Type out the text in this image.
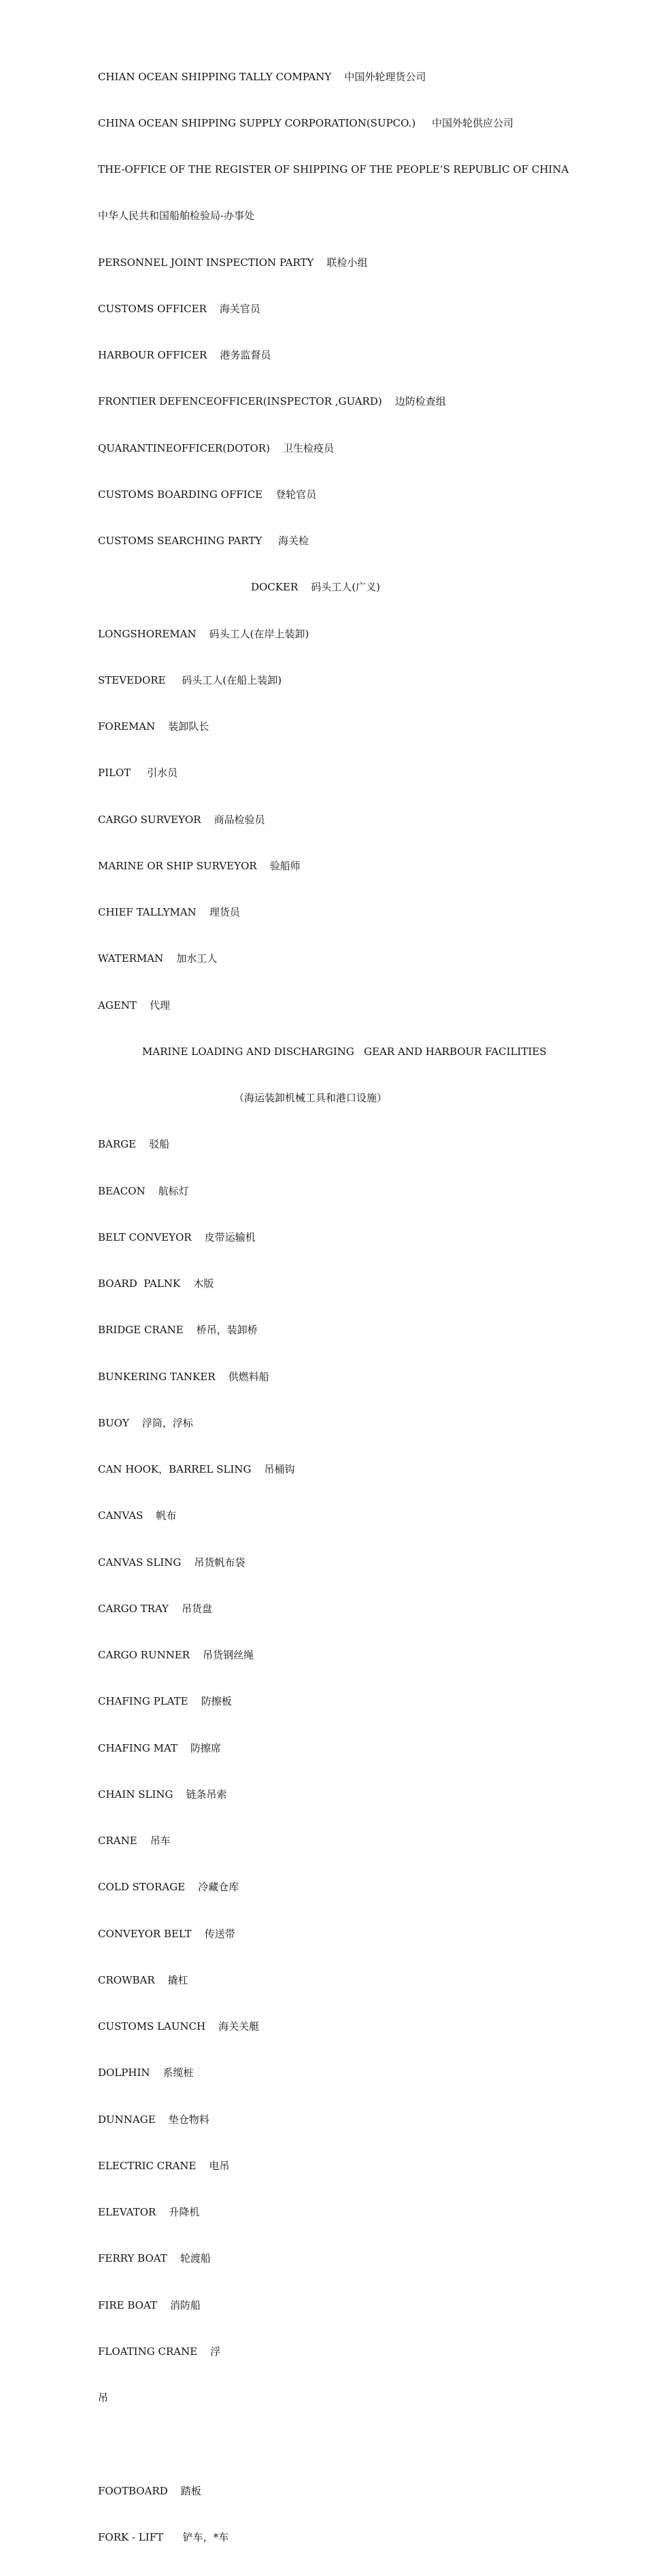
CHIAN OCEAN SHIPPING TALLY COMPANY    中国外轮理货公司

CHINA OCEAN SHIPPING SUPPLY CORPORATION(SUPCO.)     中国外轮供应公司

THE-OFFICE OF THE REGISTER OF SHIPPING OF THE PEOPLE’S REPUBLIC OF CHINA

中华人民共和国船舶检验局-办事处

PERSONNEL JOINT INSPECTION PARTY    联检小组

CUSTOMS OFFICER    海关官员

HARBOUR OFFICER    港务监督员

FRONTIER DEFENCEOFFICER(INSPECTOR ,GUARD)    边防检查组

QUARANTINEOFFICER(DOTOR)    卫生检疫员

CUSTOMS BOARDING OFFICE    登轮官员

CUSTOMS SEARCHING PARTY     海关检

DOCKER    码头工人(广义)

LONGSHOREMAN    码头工人(在岸上装卸)

STEVEDORE     码头工人(在船上装卸)

FOREMAN    装卸队长

PILOT     引水员

CARGO SURVEYOR    商品检验员

MARINE OR SHIP SURVEYOR    验船师

CHIEF TALLYMAN    理货员

WATERMAN    加水工人

AGENT    代理

MARINE LOADING AND DISCHARGING   GEAR AND HARBOUR FACILITIES

（海运装卸机械工具和港口设施）

BARGE    驳船

BEACON    航标灯

BELT CONVEYOR    皮带运输机

BOARD  PALNK    木版

BRIDGE CRANE    桥吊，装卸桥

BUNKERING TANKER    供燃料船

BUOY    浮筒，浮标

CAN HOOK，BARREL SLING    吊桶钩

CANVAS    帆布

CANVAS SLING    吊货帆布袋

CARGO TRAY    吊货盘

CARGO RUNNER    吊货钢丝绳

CHAFING PLATE    防擦板

CHAFING MAT    防擦席

CHAIN SLING    链条吊索

CRANE    吊车

COLD STORAGE    冷藏仓库

CONVEYOR BELT    传送带

CROWBAR    撬杠

CUSTOMS LAUNCH    海关关艇

DOLPHIN    系缆桩

DUNNAGE    垫仓物料

ELECTRIC CRANE    电吊

ELEVATOR    升降机

FERRY BOAT    轮渡船

FIRE BOAT    消防船

FLOATING CRANE    浮

吊

FOOTBOARD    踏板

FORK - LIFT      铲车，*车
